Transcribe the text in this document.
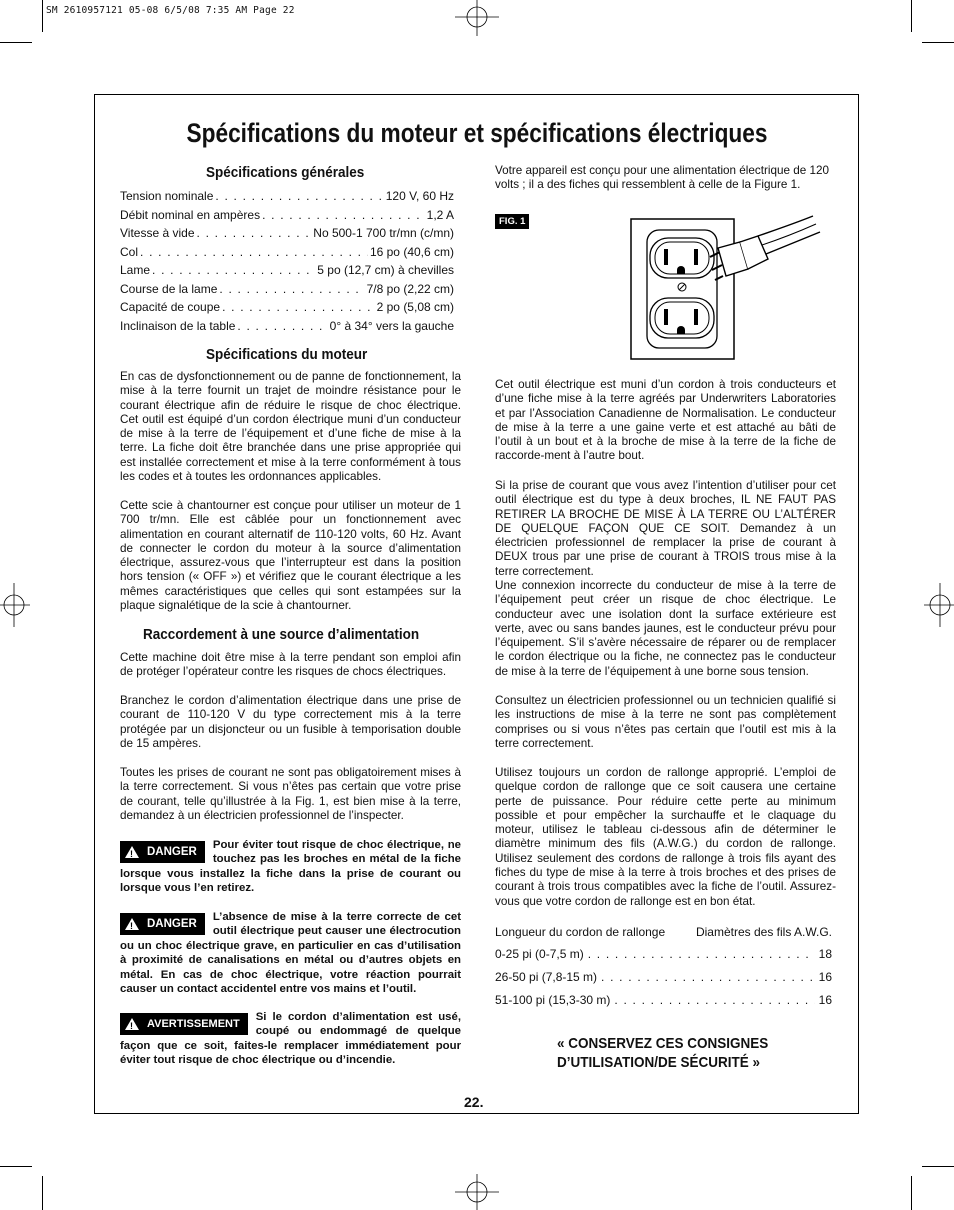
SM 2610957121 05-08 6/5/08 7:35 AM Page 22
Spécifications du moteur et spécifications électriques
Spécifications générales
Tension nominale . . .	120 V, 60 Hz
Débit nominal en ampères . . .	1,2 A
Vitesse à vide . . .	No 500-1 700 tr/mn (c/mn)
Col . . .	16 po (40,6 cm)
Lame . . .	5 po (12,7 cm) à chevilles
Course de la lame . . .	7/8 po (2,22 cm)
Capacité de coupe . . .	2 po (5,08 cm)
Inclinaison de la table . . .	0° à 34° vers la gauche
Spécifications du moteur
En cas de dysfonctionnement ou de panne de fonctionnement, la mise à la terre fournit un trajet de moindre résistance pour le courant électrique afin de réduire le risque de choc électrique. Cet outil est équipé d’un cordon électrique muni d’un conducteur de mise à la terre de l’équipement et d’une fiche de mise à la terre. La fiche doit être branchée dans une prise appropriée qui est installée correctement et mise à la terre conformément à tous les codes et à toutes les ordonnances applicables.
Cette scie à chantourner est conçue pour utiliser un moteur de 1 700 tr/mn. Elle est câblée pour un fonctionnement avec alimentation en courant alternatif de 110-120 volts, 60 Hz. Avant de connecter le cordon du moteur à la source d’alimentation électrique, assurez-vous que l’interrupteur est dans la position hors tension (« OFF ») et vérifiez que le courant électrique a les mêmes caractéristiques que celles qui sont estampées sur la plaque signalétique de la scie à chantourner.
Raccordement à une source d’alimentation
Cette machine doit être mise à la terre pendant son emploi afin de protéger l’opérateur contre les risques de chocs électriques.
Branchez le cordon d’alimentation électrique dans une prise de courant de 110-120 V du type correctement mis à la terre protégée par un disjoncteur ou un fusible à temporisation double de 15 ampères.
Toutes les prises de courant ne sont pas obligatoirement mises à la terre correctement. Si vous n’êtes pas certain que votre prise de courant, telle qu’illustrée à la Fig. 1, est bien mise à la terre, demandez à un électricien professionnel de l’inspecter.
! DANGER
Pour éviter tout risque de choc électrique, ne touchez pas les broches en métal de la fiche lorsque vous installez la fiche dans la prise de courant ou lorsque vous l’en retirez.
! DANGER
L’absence de mise à la terre correcte de cet outil électrique peut causer une électrocution ou un choc électrique grave, en particulier en cas d’utilisation à proximité de canalisations en métal ou d’autres objets en métal. En cas de choc électrique, votre réaction pourrait causer un contact accidentel entre vos mains et l’outil.
! AVERTISSEMENT
Si le cordon d’alimentation est usé, coupé ou endommagé de quelque façon que ce soit, faites-le remplacer immédiatement pour éviter tout risque de choc électrique ou d’incendie.
Votre appareil est conçu pour une alimentation électrique de 120 volts ; il a des fiches qui ressemblent à celle de la Figure 1.
FIG. 1
Cet outil électrique est muni d’un cordon à trois conducteurs et d’une fiche mise à la terre agréés par Underwriters Laboratories et par l’Association Canadienne de Normalisation. Le conducteur de mise à la terre a une gaine verte et est attaché au bâti de l’outil à un bout et à la broche de mise à la terre de la fiche de raccorde-ment à l’autre bout.
Si la prise de courant que vous avez l’intention d’utiliser pour cet outil électrique est du type à deux broches, IL NE FAUT PAS RETIRER LA BROCHE DE MISE À LA TERRE OU L’ALTÉRER DE QUELQUE FAÇON QUE CE SOIT. Demandez à un électricien professionnel de remplacer la prise de courant à DEUX trous par une prise de courant à TROIS trous mise à la terre correctement.
Une connexion incorrecte du conducteur de mise à la terre de l’équipement peut créer un risque de choc électrique. Le conducteur avec une isolation dont la surface extérieure est verte, avec ou sans bandes jaunes, est le conducteur prévu pour l’équipement. S’il s’avère nécessaire de réparer ou de remplacer le cordon électrique ou la fiche, ne connectez pas le conducteur de mise à la terre de l’équipement à une borne sous tension.
Consultez un électricien professionnel ou un technicien qualifié si les instructions de mise à la terre ne sont pas complètement comprises ou si vous n’êtes pas certain que l’outil est mis à la terre correctement.
Utilisez toujours un cordon de rallonge approprié. L’emploi de quelque cordon de rallonge que ce soit causera une certaine perte de puissance. Pour réduire cette perte au minimum possible et pour empêcher la surchauffe et le claquage du moteur, utilisez le tableau ci-dessous afin de déterminer le diamètre minimum des fils (A.W.G.) du cordon de rallonge. Utilisez seulement des cordons de rallonge à trois fils ayant des fiches du type de mise à la terre à trois broches et des prises de courant à trois trous compatibles avec la fiche de l’outil. Assurez-vous que votre cordon de rallonge est en bon état.
Longueur du cordon de rallonge	Diamètres des fils A.W.G.
0-25 pi (0-7,5 m) . . .	18
26-50 pi (7,8-15 m) . . .	16
51-100 pi (15,3-30 m) . . .	16
« CONSERVEZ CES CONSIGNES
D’UTILISATION/DE SÉCURITÉ »
22.
